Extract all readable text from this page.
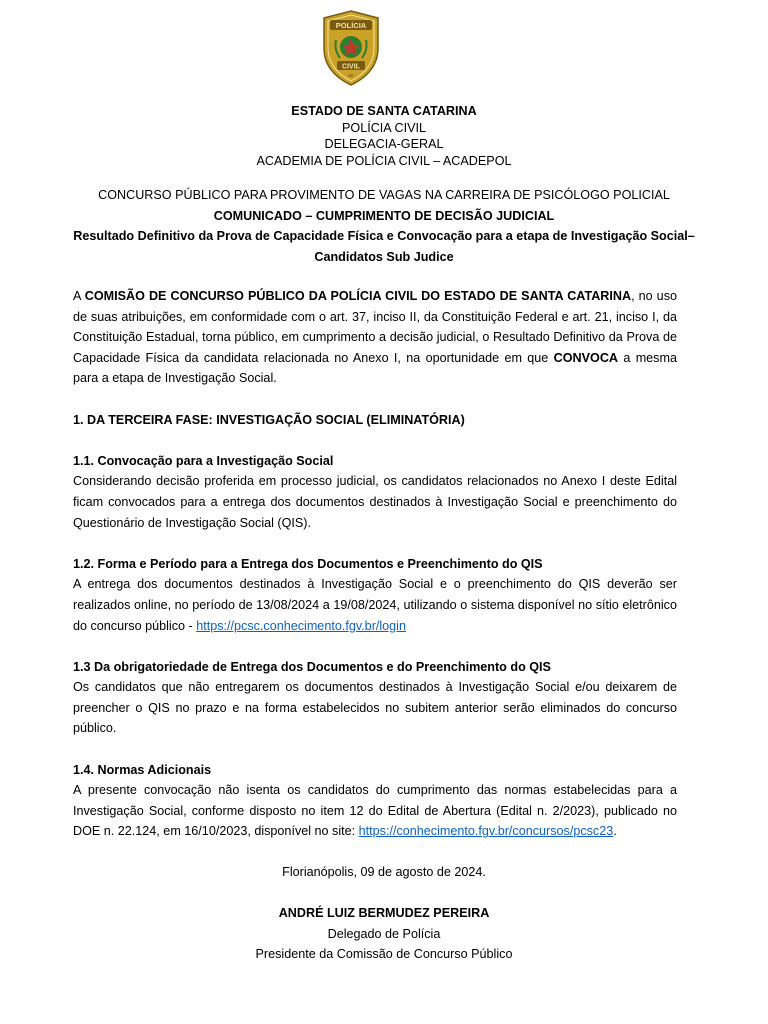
POLÍCIA
CIVIL
SC
ESTADO DE SANTA CATARINA
POLÍCIA CIVIL
DELEGACIA-GERAL
ACADEMIA DE POLÍCIA CIVIL – ACADEPOL
CONCURSO PÚBLICO PARA PROVIMENTO DE VAGAS NA CARREIRA DE PSICÓLOGO POLICIAL
COMUNICADO – CUMPRIMENTO DE DECISÃO JUDICIAL
Resultado Definitivo da Prova de Capacidade Física e Convocação para a etapa de Investigação Social–
Candidatos Sub Judice

A COMISÃO DE CONCURSO PÚBLICO DA POLÍCIA CIVIL DO ESTADO DE SANTA CATARINA, no uso de suas atribuições, em conformidade com o art. 37, inciso II, da Constituição Federal e art. 21, inciso I, da Constituição Estadual, torna público, em cumprimento a decisão judicial, o Resultado Definitivo da Prova de Capacidade Física da candidata relacionada no Anexo I, na oportunidade em que CONVOCA a mesma para a etapa de Investigação Social.

1. DA TERCEIRA FASE: INVESTIGAÇÃO SOCIAL (ELIMINATÓRIA)
1.1. Convocação para a Investigação Social

Considerando decisão proferida em processo judicial, os candidatos relacionados no Anexo I deste Edital ficam convocados para a entrega dos documentos destinados à Investigação Social e preenchimento do Questionário de Investigação Social (QIS).

1.2. Forma e Período para a Entrega dos Documentos e Preenchimento do QIS

A entrega dos documentos destinados à Investigação Social e o preenchimento do QIS deverão ser realizados online, no período de 13/08/2024 a 19/08/2024, utilizando o sistema disponível no sítio eletrônico do concurso público - https://pcsc.conhecimento.fgv.br/login

1.3 Da obrigatoriedade de Entrega dos Documentos e do Preenchimento do QIS

Os candidatos que não entregarem os documentos destinados à Investigação Social e/ou deixarem de preencher o QIS no prazo e na forma estabelecidos no subitem anterior serão eliminados do concurso público.

1.4. Normas Adicionais

A presente convocação não isenta os candidatos do cumprimento das normas estabelecidas para a Investigação Social, conforme disposto no item 12 do Edital de Abertura (Edital n. 2/2023), publicado no DOE n. 22.124, em 16/10/2023, disponível no site: https://conhecimento.fgv.br/concursos/pcsc23.

Florianópolis, 09 de agosto de 2024.
ANDRÉ LUIZ BERMUDEZ PEREIRA
Delegado de Polícia
Presidente da Comissão de Concurso Público
